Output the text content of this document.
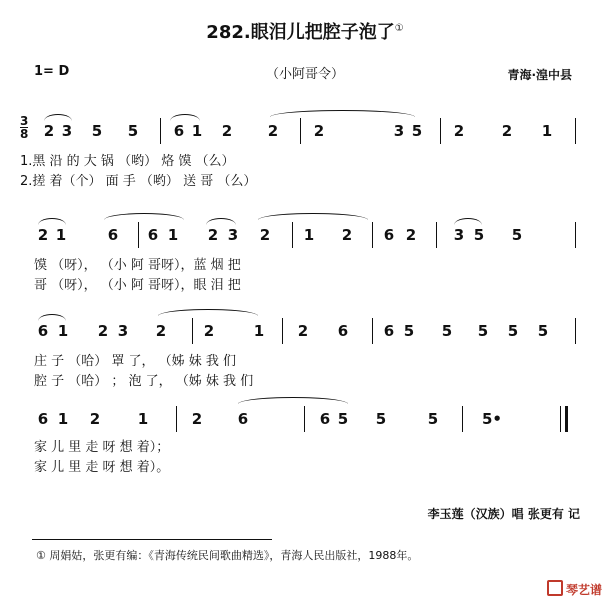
282.眼泪儿把腔子泡了①
1= D	（小阿哥令）	青海·湟中县
3
8 2 3 5 5 6 1 2 2 2	3 5 2	2 1
1.黑 沿 的 大 锅 （哟） 烙 馍 （么）
2.搓 着（个） 面 手 （哟） 送 哥 （么）
2 1	6 6 1 2 3 2 1 2 6 2	3 5 5
馍 （呀）， （小 阿 哥呀），蓝 烟 把
哥 （呀）， （小 阿 哥呀），眼 泪 把
6 1 2 3 2	2	1 2 6 6 5 5 5 5 5
庄 子 （哈） 罩 了， （姊 妹 我 们
腔 子 （哈） ； 泡 了， （姊 妹 我 们
6 1 2	1	2 6	6 5 5	5	5•
家 儿 里 走 呀 想 着）；
家 儿 里 走 呀 想 着）。
李玉莲（汉族）唱 张更有 记
① 周娟姑，张更有编：《青海传统民间歌曲精选》，青海人民出版社，1988年。
琴艺谱
